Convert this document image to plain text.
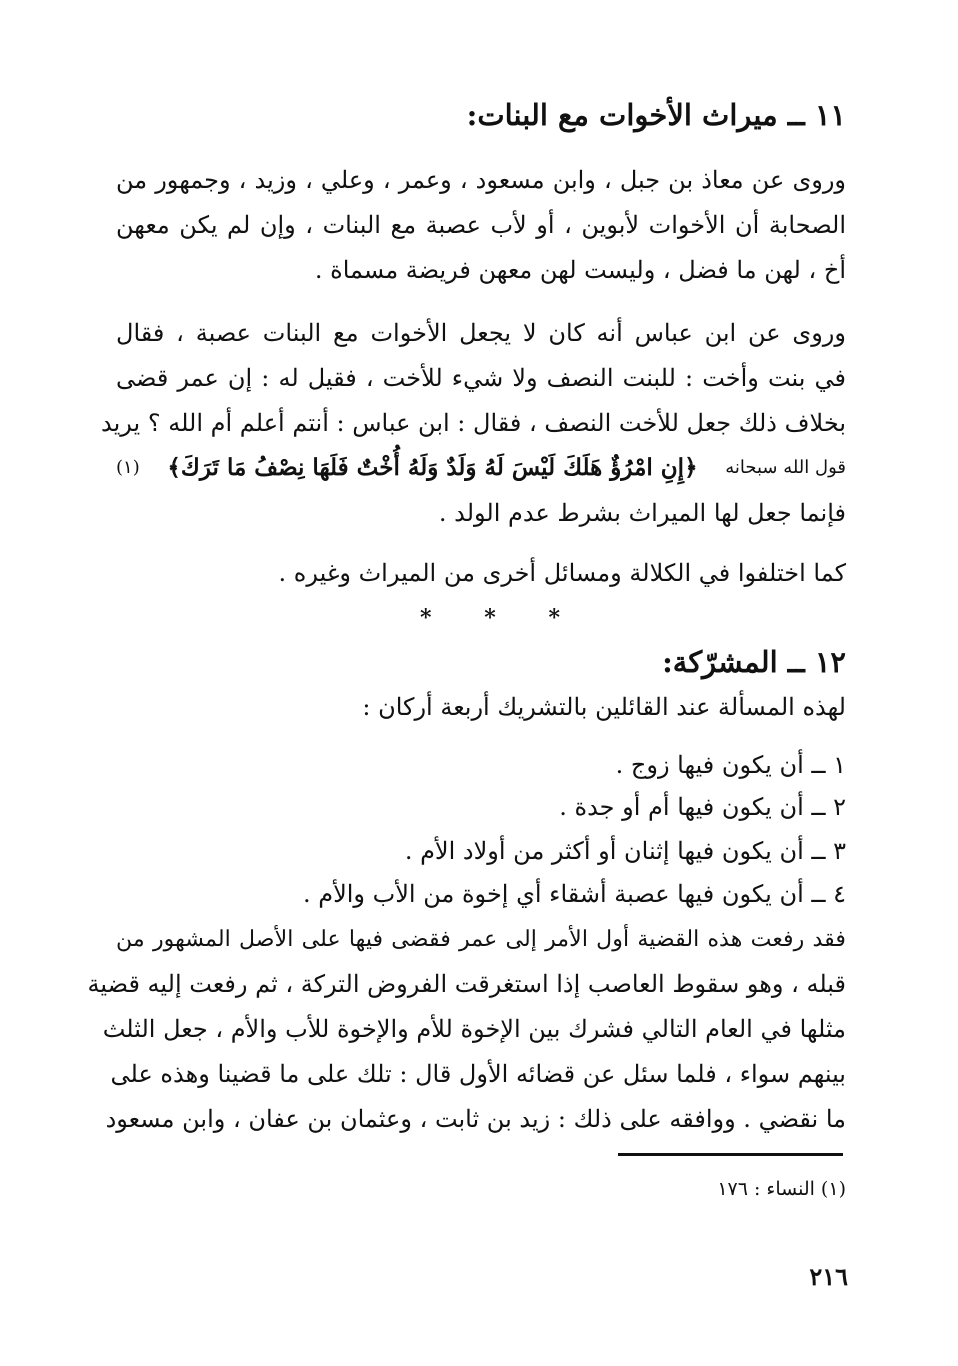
١١ ــ ميراث الأخوات مع البنات:
وروى عن معاذ بن جبل ، وابن مسعود ، وعمر ، وعلي ، وزيد ، وجمهور من
الصحابة أن الأخوات لأبوين ، أو لأب عصبة مع البنات ، وإن لم يكن معهن
أخ ، لهن ما فضل ، وليست لهن معهن فريضة مسماة .
وروى عن ابن عباس أنه كان لا يجعل الأخوات مع البنات عصبة ، فقال
في بنت وأخت : للبنت النصف ولا شيء للأخت ، فقيل له : إن عمر قضى
بخلاف ذلك جعل للأخت النصف ، فقال : ابن عباس : أنتم أعلم أم الله ؟ يريد
قول الله سبحانه
﴿إِنِ امْرُؤٌ هَلَكَ لَيْسَ لَهُ وَلَدٌ وَلَهُ أُخْتٌ فَلَهَا نِصْفُ مَا تَرَكَ﴾
(١)
فإنما جعل لها الميراث بشرط عدم الولد .
كما اختلفوا في الكلالة ومسائل أخرى من الميراث وغيره .
* * *
١٢ ــ المشرّكة:
لهذه المسألة عند القائلين بالتشريك أربعة أركان :
١ ــ أن يكون فيها زوج .
٢ ــ أن يكون فيها أم أو جدة .
٣ ــ أن يكون فيها إثنان أو أكثر من أولاد الأم .
٤ ــ أن يكون فيها عصبة أشقاء أي إخوة من الأب والأم .
فقد رفعت هذه القضية أول الأمر إلى عمر فقضى فيها على الأصل المشهور من
قبله ، وهو سقوط العاصب إذا استغرقت الفروض التركة ، ثم رفعت إليه قضية
مثلها في العام التالي فشرك بين الإخوة للأم والإخوة للأب والأم ، جعل الثلث
بينهم سواء ، فلما سئل عن قضائه الأول قال : تلك على ما قضينا وهذه على
ما نقضي . ووافقه على ذلك : زيد بن ثابت ، وعثمان بن عفان ، وابن مسعود
(١) النساء : ١٧٦
٢١٦
